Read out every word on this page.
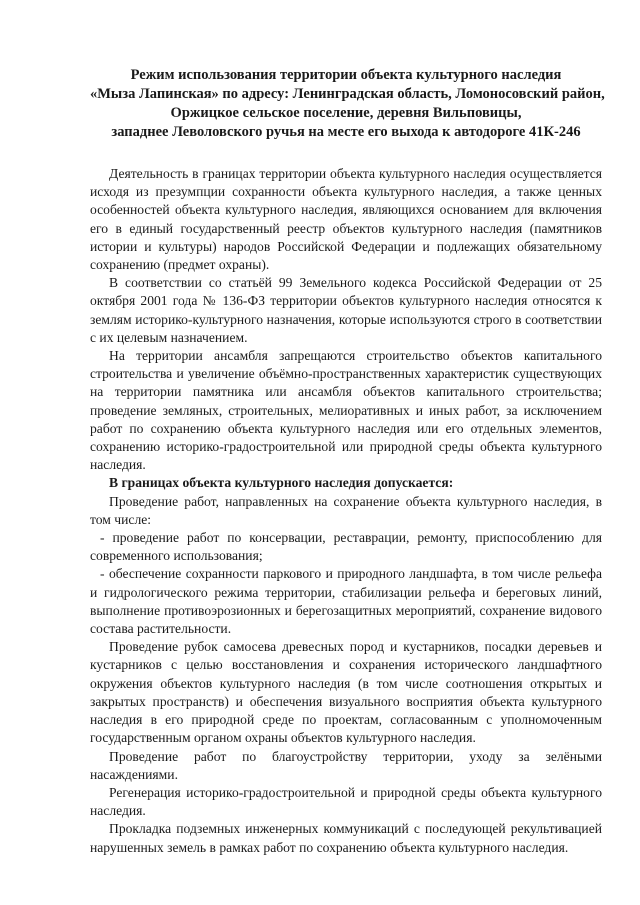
Режим использования территории объекта культурного наследия
«Мыза Лапинская» по адресу: Ленинградская область, Ломоносовский район,
Оржицкое сельское поселение, деревня Вильповицы,
западнее Леволовского ручья на месте его выхода к автодороге 41К-246

Деятельность в границах территории объекта культурного наследия осуществляется исходя из презумпции сохранности объекта культурного наследия, а также ценных особенностей объекта культурного наследия, являющихся основанием для включения его в единый государственный реестр объектов культурного наследия (памятников истории и культуры) народов Российской Федерации и подлежащих обязательному сохранению (предмет охраны).

В соответствии со статьёй 99 Земельного кодекса Российской Федерации от 25 октября 2001 года № 136-ФЗ территории объектов культурного наследия относятся к землям историко-культурного назначения, которые используются строго в соответствии с их целевым назначением.

На территории ансамбля запрещаются строительство объектов капитального строительства и увеличение объёмно-пространственных характеристик существующих на территории памятника или ансамбля объектов капитального строительства; проведение земляных, строительных, мелиоративных и иных работ, за исключением работ по сохранению объекта культурного наследия или его отдельных элементов, сохранению историко-градостроительной или природной среды объекта культурного наследия.

В границах объекта культурного наследия допускается:

Проведение работ, направленных на сохранение объекта культурного наследия, в том числе:

- проведение работ по консервации, реставрации, ремонту, приспособлению для современного использования;

- обеспечение сохранности паркового и природного ландшафта, в том числе рельефа и гидрологического режима территории, стабилизации рельефа и береговых линий, выполнение противоэрозионных и берегозащитных мероприятий, сохранение видового состава растительности.

Проведение рубок самосева древесных пород и кустарников, посадки деревьев и кустарников с целью восстановления и сохранения исторического ландшафтного окружения объектов культурного наследия (в том числе соотношения открытых и закрытых пространств) и обеспечения визуального восприятия объекта культурного наследия в его природной среде по проектам, согласованным с уполномоченным государственным органом охраны объектов культурного наследия.

Проведение работ по благоустройству территории, уходу за зелёными насаждениями.

Регенерация историко-градостроительной и природной среды объекта культурного наследия.

Прокладка подземных инженерных коммуникаций с последующей рекультивацией нарушенных земель в рамках работ по сохранению объекта культурного наследия.
